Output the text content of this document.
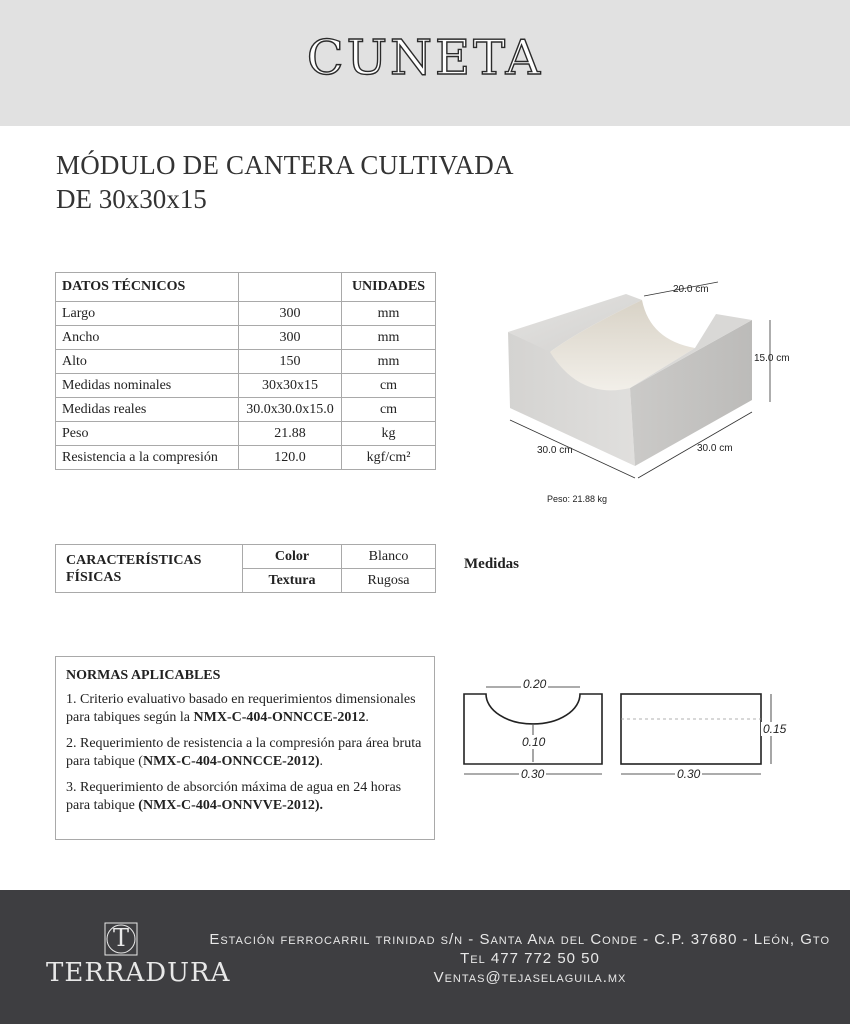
CUNETA
MÓDULO DE CANTERA CULTIVADA
DE 30x30x15
DATOS TÉCNICOS		UNIDADES
Largo	300	mm
Ancho	300	mm
Alto	150	mm
Medidas nominales	30x30x15	cm
Medidas reales	30.0x30.0x15.0	cm
Peso	21.88	kg
Resistencia a la compresión	120.0	kgf/cm²
20.0 cm
15.0 cm
30.0 cm	30.0 cm
Peso: 21.88 kg
CARACTERÍSTICAS
FÍSICAS	Color	Blanco
	Textura	Rugosa
Medidas
NORMAS APLICABLES

1. Criterio evaluativo basado en requerimientos dimensionales para tabiques según la NMX-C-404-ONNCCE-2012.

2. Requerimiento de resistencia a la compresión para área bruta para tabique (NMX-C-404-ONNCCE-2012).

3. Requerimiento de absorción máxima de agua en 24 horas para tabique (NMX-C-404-ONNVVE-2012).

0.20
0.10
0.30	0.30
0.15
T
TERRADURA
Estación ferrocarril trinidad s/n - Santa Ana del Conde - C.P. 37680 - León, Gto
Tel 477 772 50 50
Ventas@tejaselaguila.mx
